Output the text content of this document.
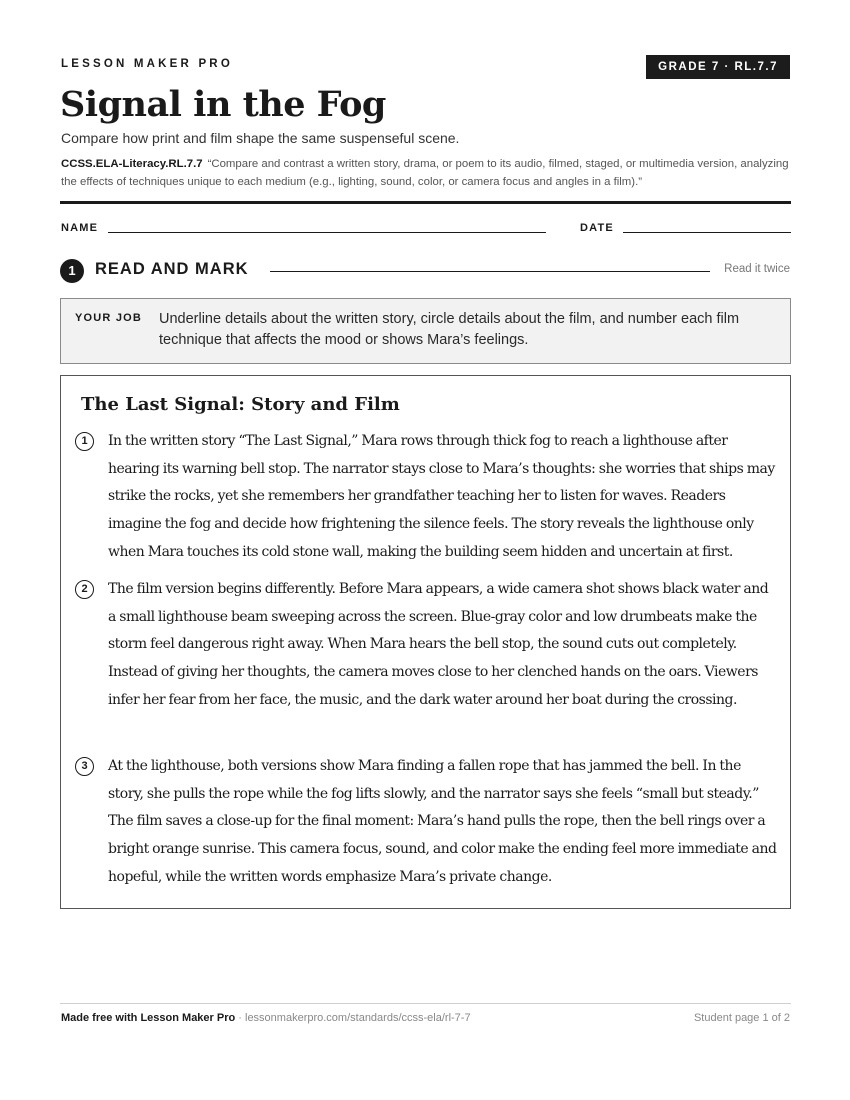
LESSON MAKER PRO	GRADE 7 · RL.7.7
Signal in the Fog
Compare how print and film shape the same suspenseful scene.
CCSS.ELA-Literacy.RL.7.7 “Compare and contrast a written story, drama, or poem to its audio, filmed, staged, or multimedia version, analyzing the effects of techniques unique to each medium (e.g., lighting, sound, color, or camera focus and angles in a film).”
NAME	DATE
1	READ AND MARK	Read it twice
YOUR JOB Underline details about the written story, circle details about the film, and number each film technique that affects the mood or shows Mara’s feelings.
The Last Signal: Story and Film
1	In the written story “The Last Signal,” Mara rows through thick fog to reach a lighthouse after hearing its warning bell stop. The narrator stays close to Mara’s thoughts: she worries that ships may strike the rocks, yet she remembers her grandfather teaching her to listen for waves. Readers imagine the fog and decide how frightening the silence feels. The story reveals the lighthouse only when Mara touches its cold stone wall, making the building seem hidden and uncertain at first.
2	The film version begins differently. Before Mara appears, a wide camera shot shows black water and a small lighthouse beam sweeping across the screen. Blue-gray color and low drumbeats make the storm feel dangerous right away. When Mara hears the bell stop, the sound cuts out completely. Instead of giving her thoughts, the camera moves close to her clenched hands on the oars. Viewers infer her fear from her face, the music, and the dark water around her boat during the crossing.
3	At the lighthouse, both versions show Mara finding a fallen rope that has jammed the bell. In the story, she pulls the rope while the fog lifts slowly, and the narrator says she feels “small but steady.” The film saves a close-up for the final moment: Mara’s hand pulls the rope, then the bell rings over a bright orange sunrise. This camera focus, sound, and color make the ending feel more immediate and hopeful, while the written words emphasize Mara’s private change.
Made free with Lesson Maker Pro · lessonmakerpro.com/standards/ccss-ela/rl-7-7	Student page 1 of 2
